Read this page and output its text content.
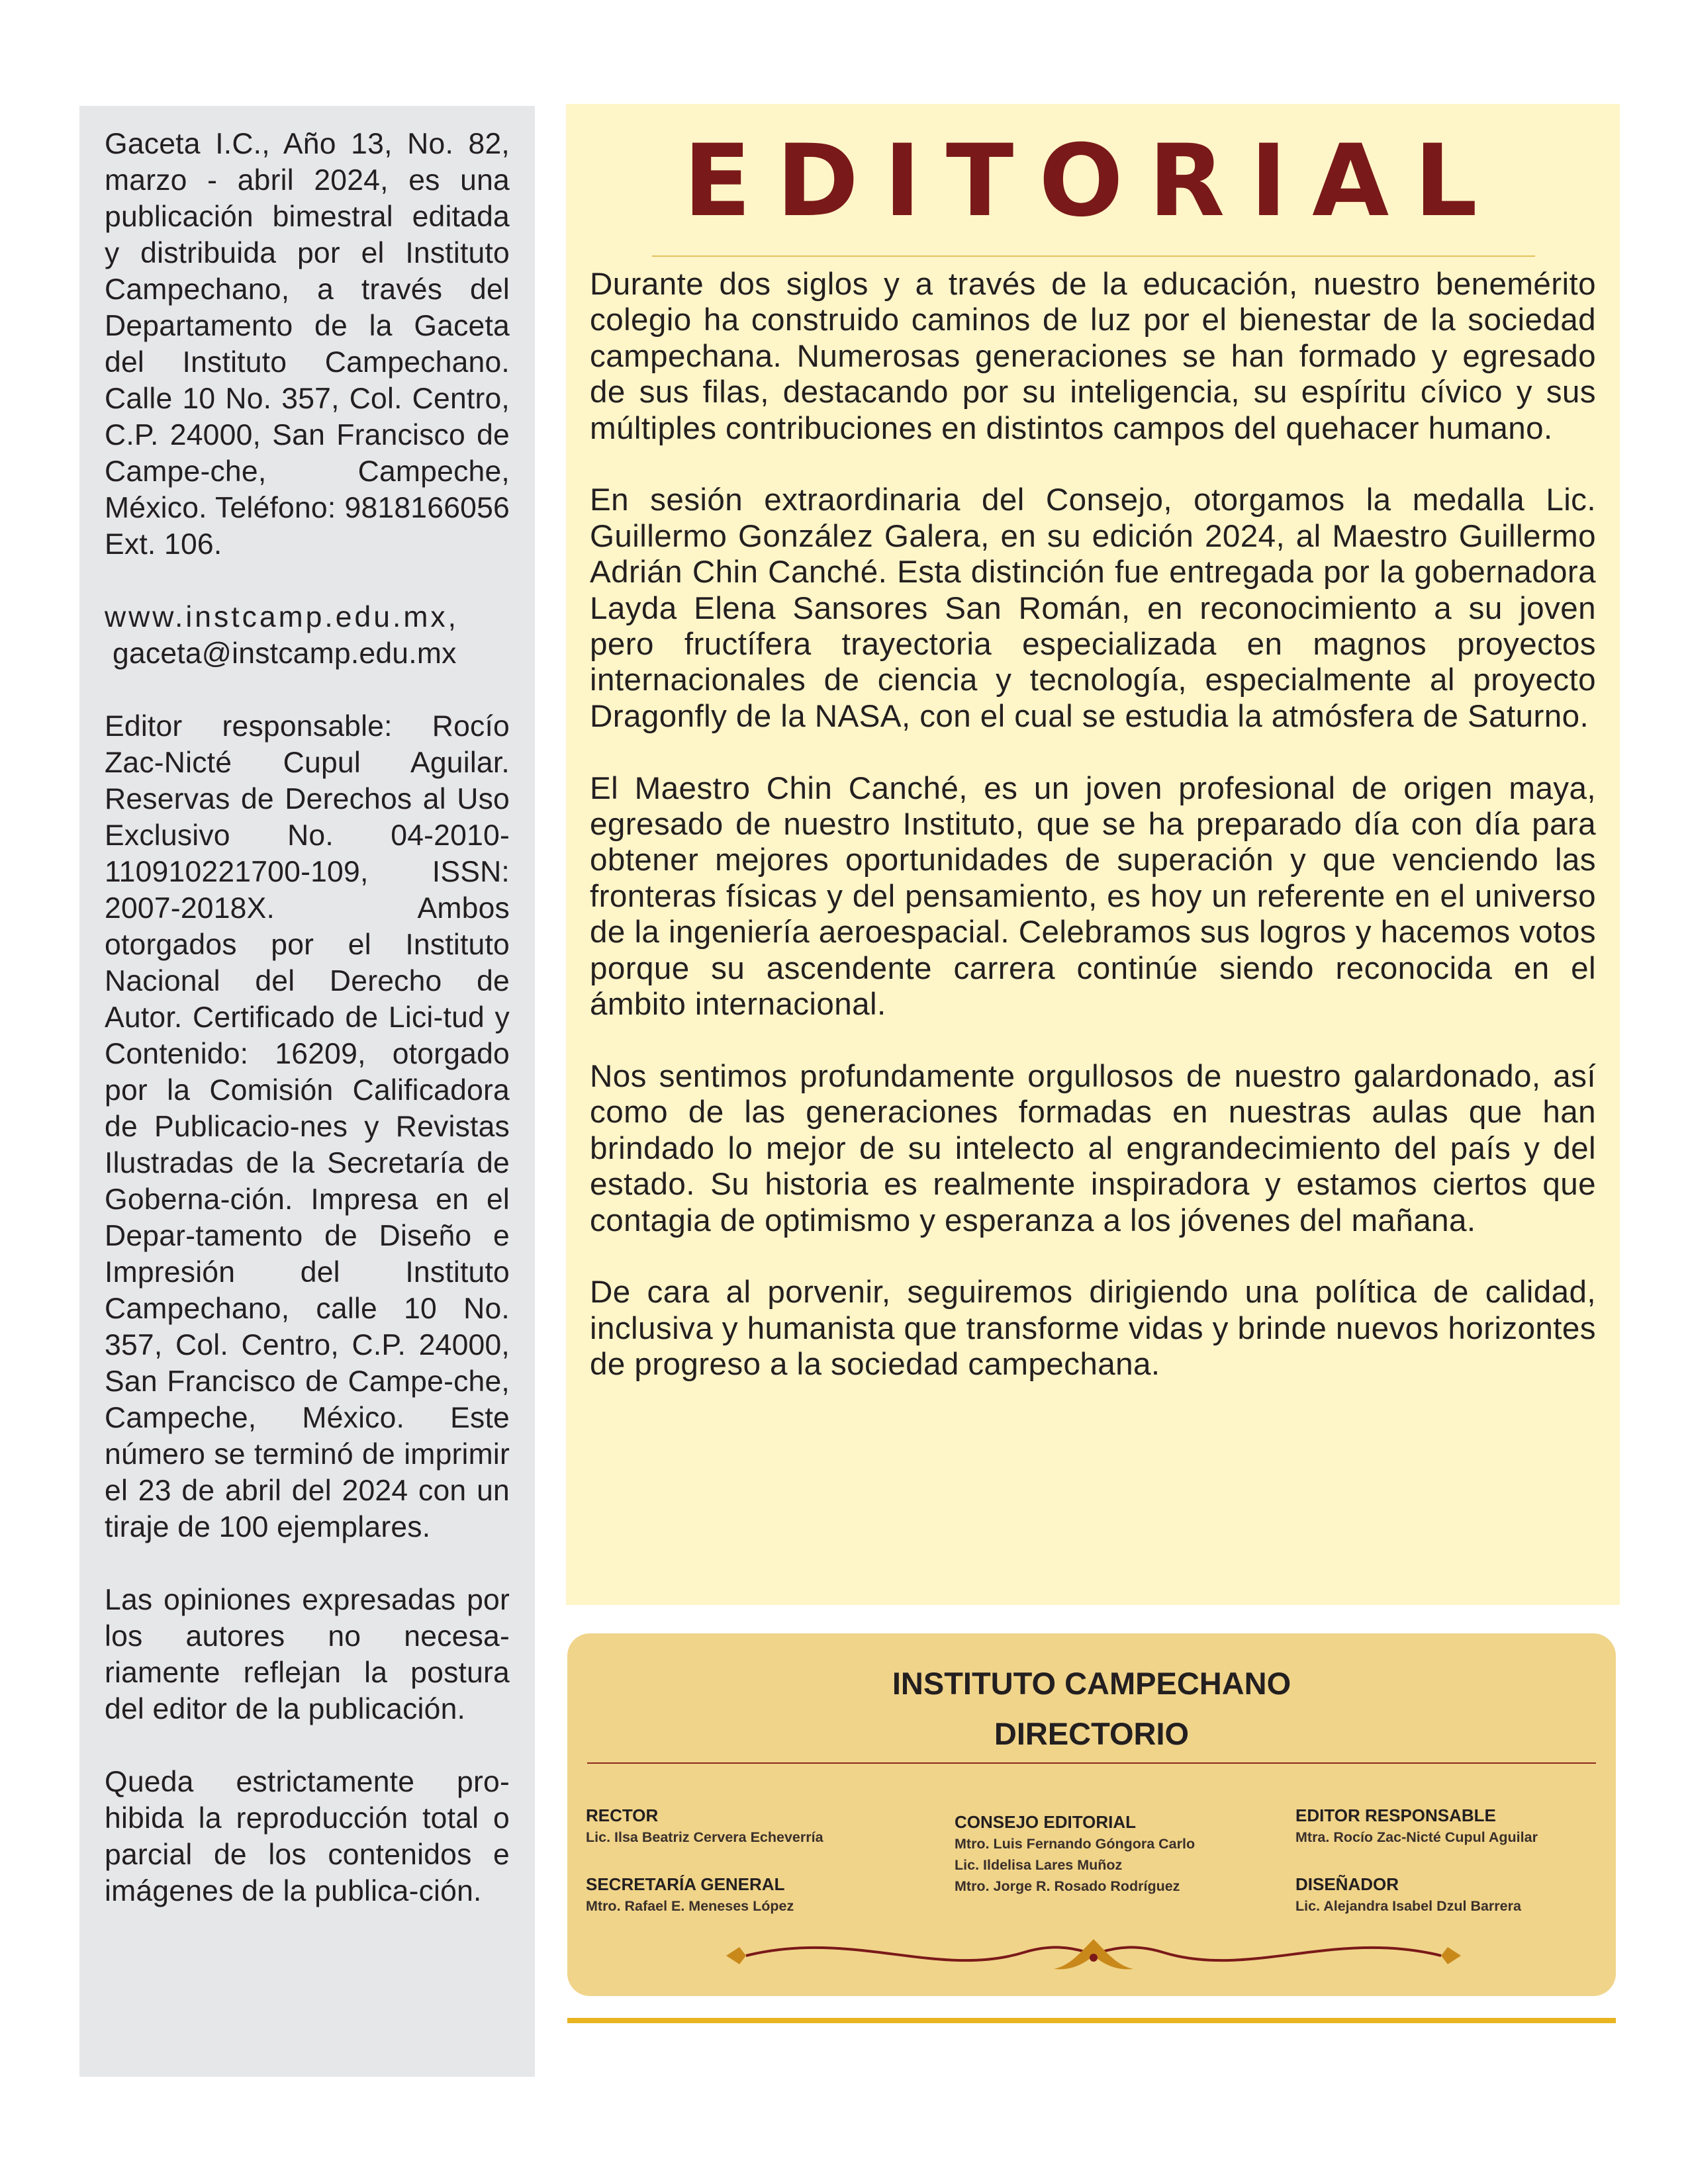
Gaceta I.C., Año 13, No. 82, marzo - abril 2024, es una publicación bimestral editada y distribuida por el Instituto Campechano, a través del Departamento de la Gaceta del Instituto Campechano. Calle 10 No. 357, Col. Centro, C.P. 24000, San Francisco de Campe-che, Campeche, México. Teléfono: 9818166056 Ext. 106.

www.instcamp.edu.mx,
gaceta@instcamp.edu.mx

Editor responsable: Rocío Zac-Nicté Cupul Aguilar. Reservas de Derechos al Uso Exclusivo No. 04-2010-110910221700-109, ISSN: 2007-2018X. Ambos otorgados por el Instituto Nacional del Derecho de Autor. Certificado de Lici-tud y Contenido: 16209, otorgado por la Comisión Calificadora de Publicacio-nes y Revistas Ilustradas de la Secretaría de Goberna-ción. Impresa en el Depar-tamento de Diseño e Impresión del Instituto Campechano, calle 10 No. 357, Col. Centro, C.P. 24000, San Francisco de Campe-che, Campeche, México. Este número se terminó de imprimir el 23 de abril del 2024 con un tiraje de 100 ejemplares.

Las opiniones expresadas por los autores no necesa-riamente reflejan la postura del editor de la publicación.

Queda estrictamente pro-hibida la reproducción total o parcial de los contenidos e imágenes de la publica-ción.

EDITORIAL

Durante dos siglos y a través de la educación, nuestro benemérito colegio ha construido caminos de luz por el bienestar de la sociedad campechana. Numerosas generaciones se han formado y egresado de sus filas, destacando por su inteligencia, su espíritu cívico y sus múltiples contribuciones en distintos campos del quehacer humano.

En sesión extraordinaria del Consejo, otorgamos la medalla Lic. Guillermo González Galera, en su edición 2024, al Maestro Guillermo Adrián Chin Canché. Esta distinción fue entregada por la gobernadora Layda Elena Sansores San Román, en reconocimiento a su joven pero fructífera trayectoria especializada en magnos proyectos internacionales de ciencia y tecnología, especialmente al proyecto Dragonfly de la NASA, con el cual se estudia la atmósfera de Saturno.

El Maestro Chin Canché, es un joven profesional de origen maya, egresado de nuestro Instituto, que se ha preparado día con día para obtener mejores oportunidades de superación y que venciendo las fronteras físicas y del pensamiento, es hoy un referente en el universo de la ingeniería aeroespacial. Celebramos sus logros y hacemos votos porque su ascendente carrera continúe siendo reconocida en el ámbito internacional.

Nos sentimos profundamente orgullosos de nuestro galardonado, así como de las generaciones formadas en nuestras aulas que han brindado lo mejor de su intelecto al engrandecimiento del país y del estado. Su historia es realmente inspiradora y estamos ciertos que contagia de optimismo y esperanza a los jóvenes del mañana.

De cara al porvenir, seguiremos dirigiendo una política de calidad, inclusiva y humanista que transforme vidas y brinde nuevos horizontes de progreso a la sociedad campechana.

INSTITUTO CAMPECHANO
DIRECTORIO
RECTOR
Lic. Ilsa Beatriz Cervera Echeverría
SECRETARÍA GENERAL
Mtro. Rafael E. Meneses López
CONSEJO EDITORIAL
Mtro. Luis Fernando Góngora Carlo
Lic. Ildelisa Lares Muñoz
Mtro. Jorge R. Rosado Rodríguez
EDITOR RESPONSABLE
Mtra. Rocío Zac-Nicté Cupul Aguilar
DISEÑADOR
Lic. Alejandra Isabel Dzul Barrera
